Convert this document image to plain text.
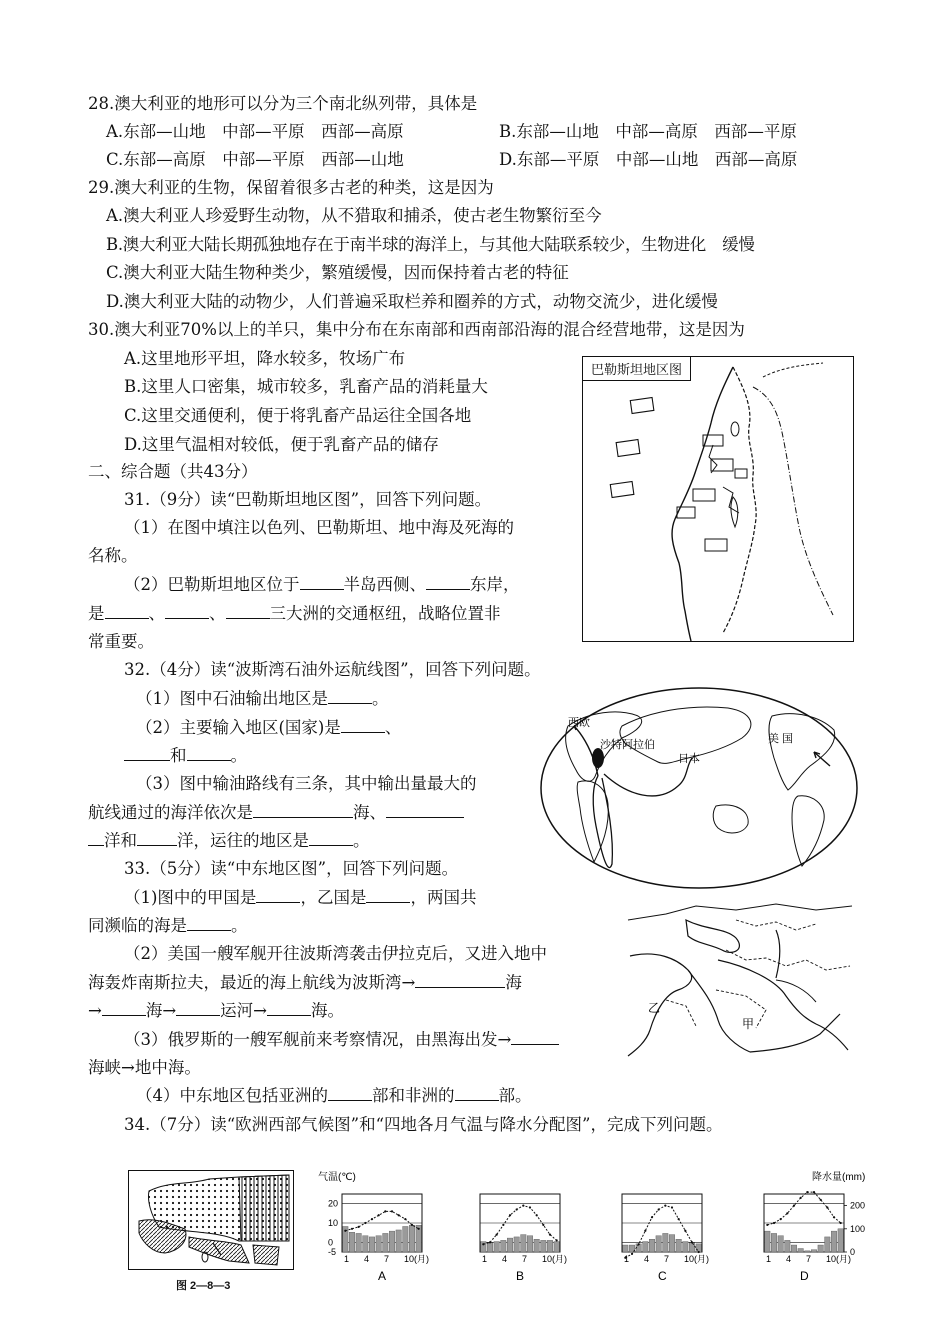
28.澳大利亚的地形可以分为三个南北纵列带，具体是
A.东部—山地　中部—平原　西部—高原	B.东部—山地　中部—高原　西部—平原
C.东部—高原　中部—平原　西部—山地	D.东部—平原　中部—山地　西部—高原
29.澳大利亚的生物，保留着很多古老的种类，这是因为
A.澳大利亚人珍爱野生动物，从不猎取和捕杀，使古老生物繁衍至今
B.澳大利亚大陆长期孤独地存在于南半球的海洋上，与其他大陆联系较少，生物进化　缓慢
C.澳大利亚大陆生物种类少，繁殖缓慢，因而保持着古老的特征
D.澳大利亚大陆的动物少，人们普遍采取栏养和圈养的方式，动物交流少，进化缓慢
30.澳大利亚70%以上的羊只，集中分布在东南部和西南部沿海的混合经营地带，这是因为
A.这里地形平坦，降水较多，牧场广布
B.这里人口密集，城市较多，乳畜产品的消耗量大
C.这里交通便利，便于将乳畜产品运往全国各地
D.这里气温相对较低，便于乳畜产品的储存
二、综合题（共43分）
31.（9分）读“巴勒斯坦地区图”，回答下列问题。
（1）在图中填注以色列、巴勒斯坦、地中海及死海的
名称。
（2）巴勒斯坦地区位于	半岛西侧、	东岸，
是	、	、	三大洲的交通枢纽，战略位置非
常重要。
巴勒斯坦地区图
32.（4分）读“波斯湾石油外运航线图”，回答下列问题。
（1）图中石油输出地区是	。
（2）主要输入地区(国家)是	、
和	。
（3）图中输油路线有三条，其中输出量最大的
航线通过的海洋依次是	海、
洋和 洋，运往的地区是	。
西欧
沙特阿拉伯
日本
美 国
33.（5分）读“中东地区图”，回答下列问题。
（1)图中的甲国是	，乙国是	，两国共
同濒临的海是	。
（2）美国一艘军舰开往波斯湾袭击伊拉克后，又进入地中
海轰炸南斯拉夫，最近的海上航线为波斯湾→	海
→	海→	运河→	海。
（3）俄罗斯的一艘军舰前来考察情况，由黑海出发→
海峡→地中海。
（4）中东地区包括亚洲的	部和非洲的	部。
乙
甲
34.（7分）读“欧洲西部气候图”和“四地各月气温与降水分配图”，完成下列问题。
图 2—8—3
气温(℃)	降水量(mm)
1 4 7 10(月)
A
1 4 7 10(月)
B
1 4 7 10(月)
C
1 4 7 10(月)
D
20
10
0
-5
200
100
0
